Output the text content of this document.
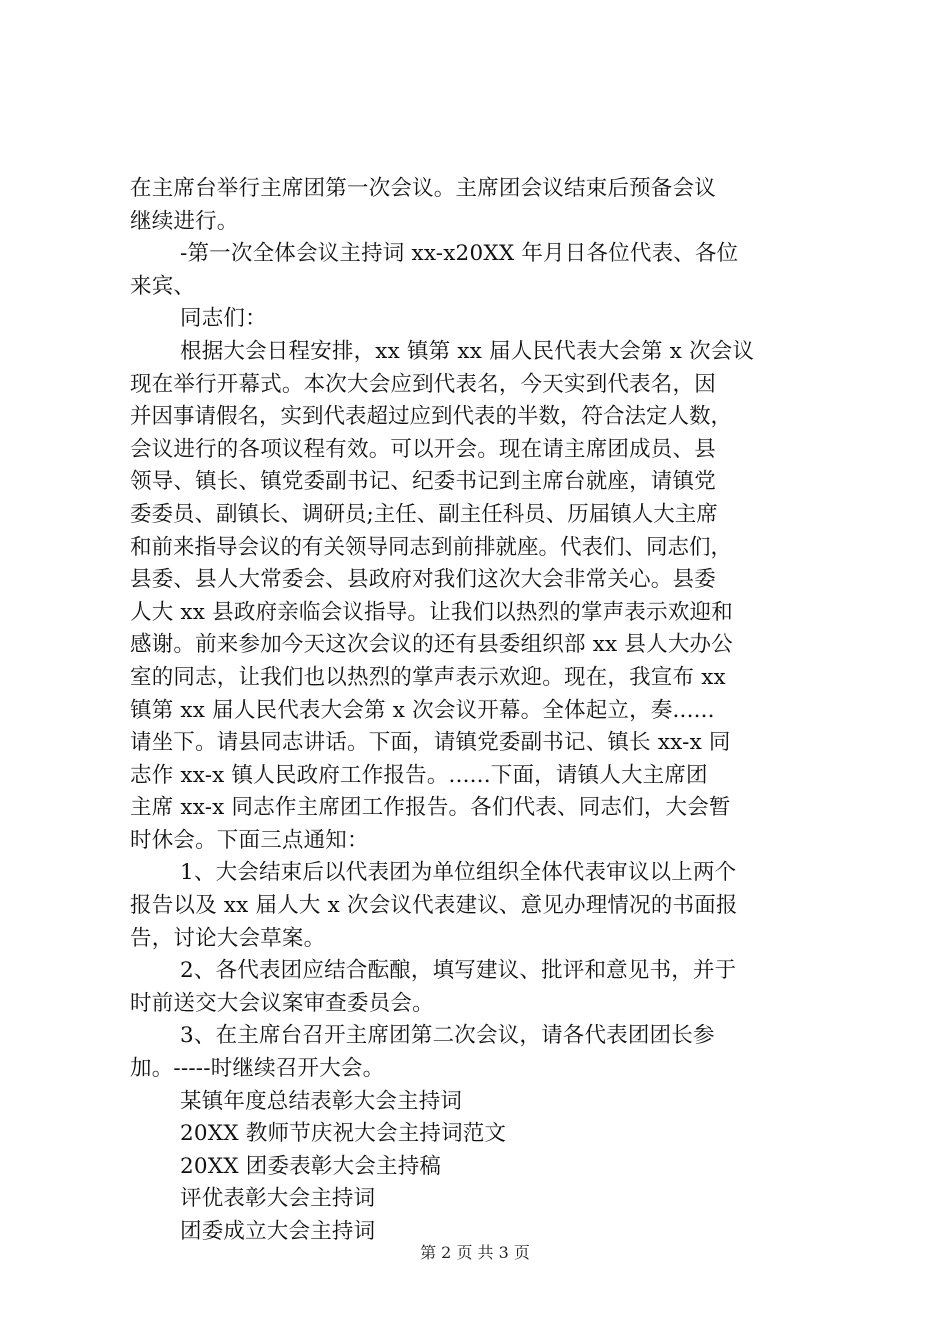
在主席台举行主席团第一次会议。主席团会议结束后预备会议
继续进行。
-第一次全体会议主持词 xx-x20XX 年月日各位代表、各位
来宾、
同志们：
根据大会日程安排，xx 镇第 xx 届人民代表大会第 x 次会议
现在举行开幕式。本次大会应到代表名，今天实到代表名，因
并因事请假名，实到代表超过应到代表的半数，符合法定人数，
会议进行的各项议程有效。可以开会。现在请主席团成员、县
领导、镇长、镇党委副书记、纪委书记到主席台就座，请镇党
委委员、副镇长、调研员;主任、副主任科员、历届镇人大主席
和前来指导会议的有关领导同志到前排就座。代表们、同志们，
县委、县人大常委会、县政府对我们这次大会非常关心。县委
人大 xx 县政府亲临会议指导。让我们以热烈的掌声表示欢迎和
感谢。前来参加今天这次会议的还有县委组织部 xx 县人大办公
室的同志，让我们也以热烈的掌声表示欢迎。现在，我宣布 xx
镇第 xx 届人民代表大会第 x 次会议开幕。全体起立，奏......
请坐下。请县同志讲话。下面，请镇党委副书记、镇长 xx-x 同
志作 xx-x 镇人民政府工作报告。......下面，请镇人大主席团
主席 xx-x 同志作主席团工作报告。各们代表、同志们，大会暂
时休会。下面三点通知：
1、大会结束后以代表团为单位组织全体代表审议以上两个
报告以及 xx 届人大 x 次会议代表建议、意见办理情况的书面报
告，讨论大会草案。
2、各代表团应结合酝酿，填写建议、批评和意见书，并于
时前送交大会议案审查委员会。
3、在主席台召开主席团第二次会议，请各代表团团长参
加。-----时继续召开大会。
某镇年度总结表彰大会主持词
20XX 教师节庆祝大会主持词范文
20XX 团委表彰大会主持稿
评优表彰大会主持词
团委成立大会主持词
第 2 页 共 3 页
